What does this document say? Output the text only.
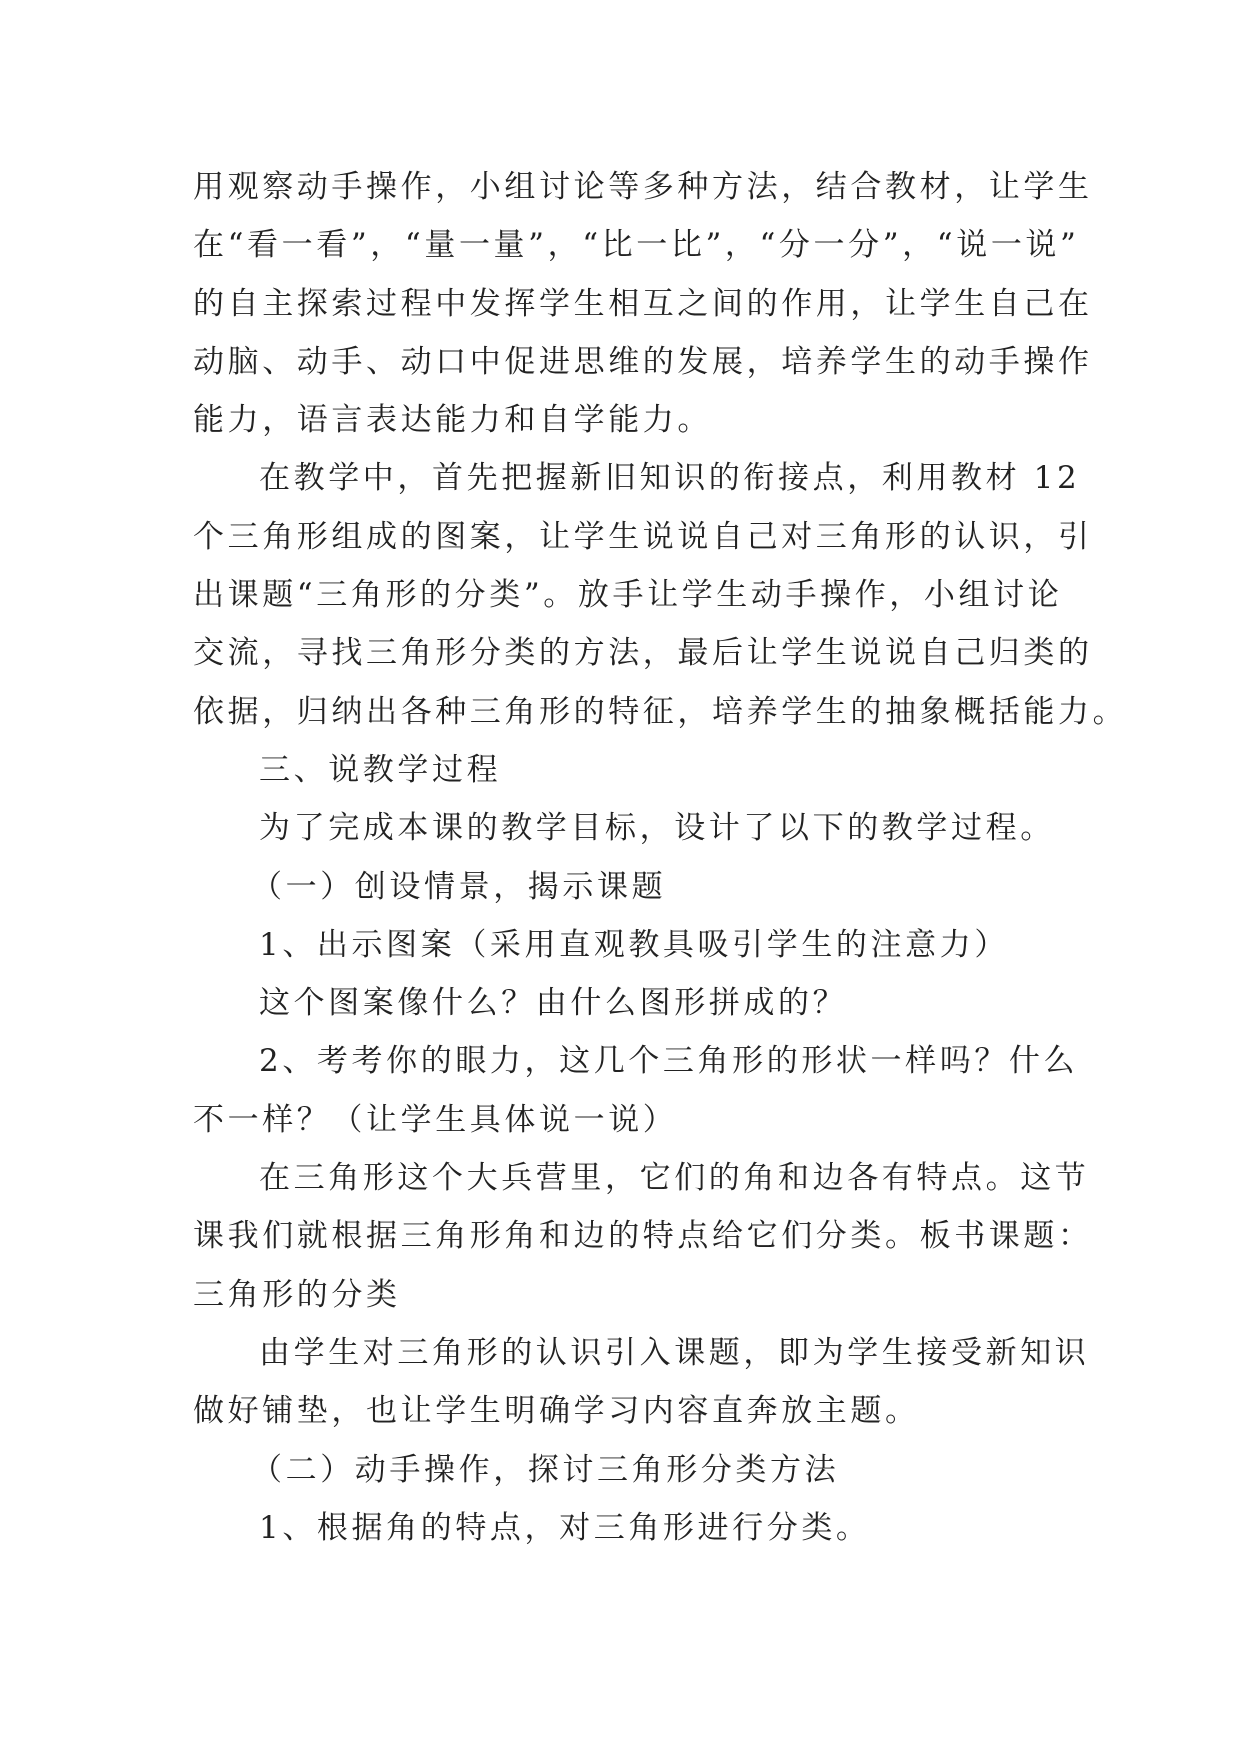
用观察动手操作，小组讨论等多种方法，结合教材，让学生
在“看一看”，“量一量”，“比一比”，“分一分”，“说一说”
的自主探索过程中发挥学生相互之间的作用，让学生自己在
动脑、动手、动口中促进思维的发展，培养学生的动手操作
能力，语言表达能力和自学能力。
在教学中，首先把握新旧知识的衔接点，利用教材 12
个三角形组成的图案，让学生说说自己对三角形的认识，引
出课题“三角形的分类”。放手让学生动手操作，小组讨论
交流，寻找三角形分类的方法，最后让学生说说自己归类的
依据，归纳出各种三角形的特征，培养学生的抽象概括能力。
三、说教学过程
为了完成本课的教学目标，设计了以下的教学过程。
（一）创设情景，揭示课题
1、出示图案（采用直观教具吸引学生的注意力）
这个图案像什么？由什么图形拼成的？
2、考考你的眼力，这几个三角形的形状一样吗？什么
不一样？（让学生具体说一说）
在三角形这个大兵营里，它们的角和边各有特点。这节
课我们就根据三角形角和边的特点给它们分类。板书课题：
三角形的分类
由学生对三角形的认识引入课题，即为学生接受新知识
做好铺垫，也让学生明确学习内容直奔放主题。
（二）动手操作，探讨三角形分类方法
1、根据角的特点，对三角形进行分类。
